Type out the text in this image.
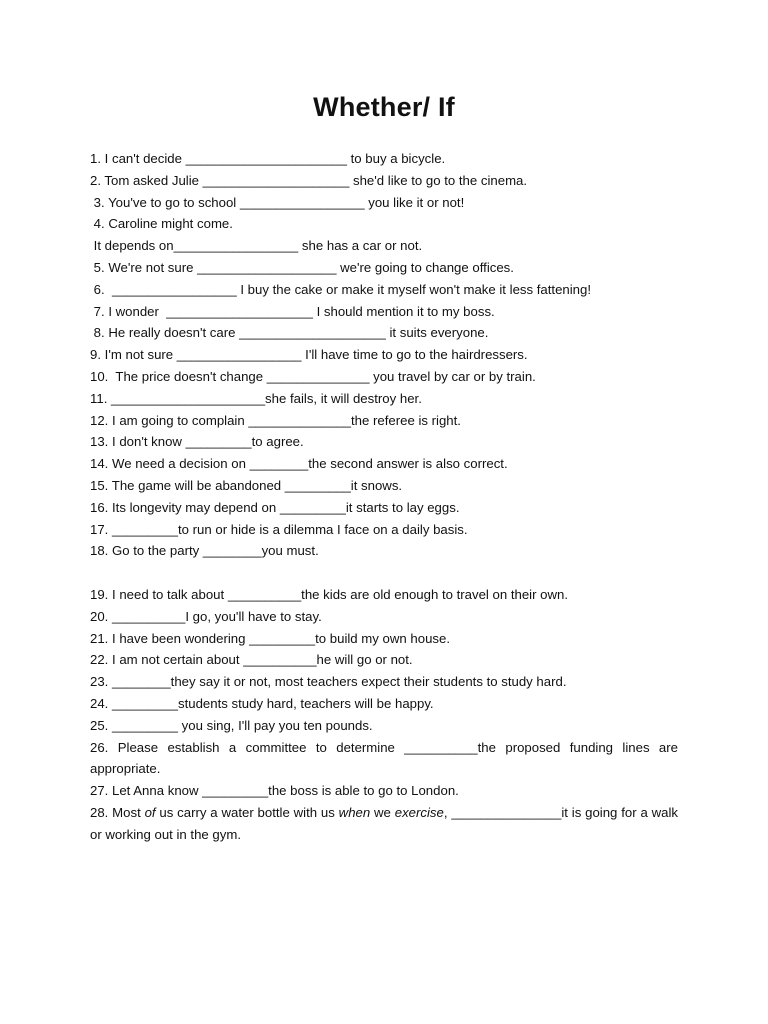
Whether/ If

1. I can't decide ______________________ to buy a bicycle.

2. Tom asked Julie ____________________ she'd like to go to the cinema.

3. You've to go to school _________________ you like it or not!

4. Caroline might come.

It depends on_________________ she has a car or not.

5. We're not sure ___________________ we're going to change offices.

6.  _________________ I buy the cake or make it myself won't make it less fattening!

7. I wonder  ____________________ I should mention it to my boss.

8. He really doesn't care ____________________ it suits everyone.

9. I'm not sure _________________ I'll have time to go to the hairdressers.

10.  The price doesn't change ______________ you travel by car or by train.

11. _____________________she fails, it will destroy her.

12. I am going to complain ______________the referee is right.

13. I don't know _________to agree.

14. We need a decision on ________the second answer is also correct.

15. The game will be abandoned _________it snows.

16. Its longevity may depend on _________it starts to lay eggs.

17. _________to run or hide is a dilemma I face on a daily basis.

18. Go to the party ________you must.

19. I need to talk about __________the kids are old enough to travel on their own.

20. __________I go, you'll have to stay.

21. I have been wondering _________to build my own house.

22. I am not certain about __________he will go or not.

23. ________they say it or not, most teachers expect their students to study hard.

24. _________students study hard, teachers will be happy.

25. _________ you sing, I'll pay you ten pounds.

26. Please establish a committee to determine __________the proposed funding lines are appropriate.

27. Let Anna know _________the boss is able to go to London.

28. Most of us carry a water bottle with us when we exercise, _______________it is going for a walk or working out in the gym.
